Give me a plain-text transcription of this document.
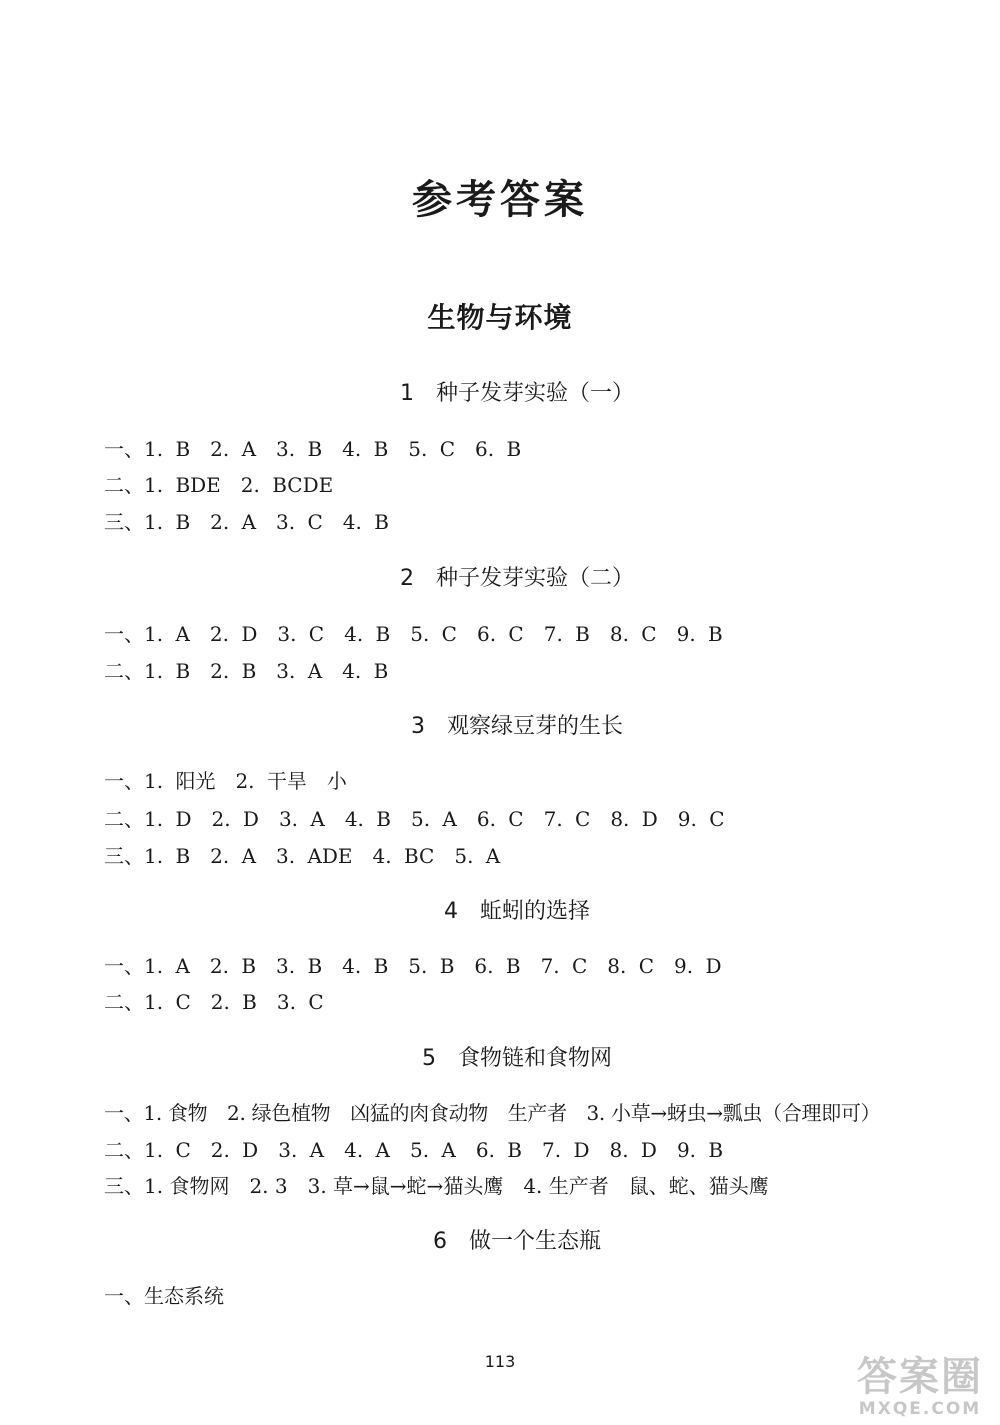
参考答案
生物与环境
1 种子发芽实验（一）
一、1. B　2. A　3. B　4. B　5. C　6. B
二、1. BDE　2. BCDE
三、1. B　2. A　3. C　4. B
2 种子发芽实验（二）
一、1. A　2. D　3. C　4. B　5. C　6. C　7. B　8. C　9. B
二、1. B　2. B　3. A　4. B
3 观察绿豆芽的生长
一、1. 阳光　2. 干旱　小
二、1. D　2. D　3. A　4. B　5. A　6. C　7. C　8. D　9. C
三、1. B　2. A　3. ADE　4. BC　5. A
4 蚯蚓的选择
一、1. A　2. B　3. B　4. B　5. B　6. B　7. C　8. C　9. D
二、1. C　2. B　3. C
5 食物链和食物网
一、1. 食物　2. 绿色植物　凶猛的肉食动物　生产者　3. 小草→蚜虫→瓢虫（合理即可）
二、1. C　2. D　3. A　4. A　5. A　6. B　7. D　8. D　9. B
三、1. 食物网　2. 3　3. 草→鼠→蛇→猫头鹰　4. 生产者　鼠、蛇、猫头鹰
6 做一个生态瓶
一、生态系统
113	答案圈
MXQE.COM
